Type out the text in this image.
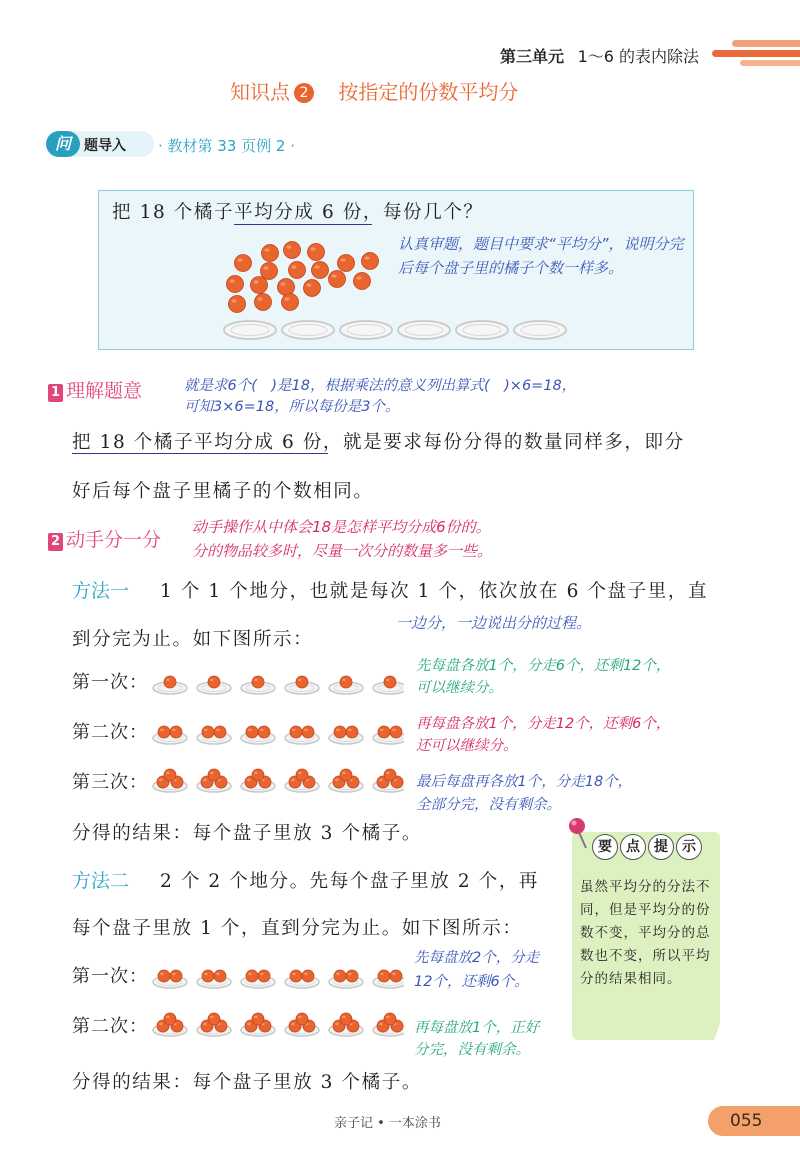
第三单元 1～6 的表内除法
知识点 2 按指定的份数平均分
问 题导入 · 教材第 33 页例 2 ·
把 18 个橘子平均分成 6 份，每份几个？
认真审题，题目中要求“平均分”，说明分完后每个盘子里的橘子个数一样多。
1 理解题意	就是求6个(　)是18，根据乘法的意义列出算式(　)×6=18，
可知3×6=18，所以每份是3个。
把 18 个橘子平均分成 6 份，就是要求每份分得的数量同样多，即分
好后每个盘子里橘子的个数相同。
2 动手分一分
动手操作从中体会18是怎样平均分成6份的。
分的物品较多时，尽量一次分的数量多一些。
方法一 1 个 1 个地分，也就是每次 1 个，依次放在 6 个盘子里，直
到分完为止。如下图所示：
一边分，一边说出分的过程。
第一次：
先每盘各放1个，分走6个，还剩12个，
可以继续分。
第二次：	再每盘各放1个，分走12个，还剩6个，
还可以继续分。
第三次：	最后每盘再各放1个，分走18个，
全部分完，没有剩余。
分得的结果：每个盘子里放 3 个橘子。
要 点 提 示
虽然平均分的分法不同，但是平均分的份数不变，平均分的总数也不变，所以平均分的结果相同。
方法二 2 个 2 个地分。先每个盘子里放 2 个，再
每个盘子里放 1 个，直到分完为止。如下图所示：
第一次：
先每盘放2个，分走
12个，还剩6个。
第二次：	再每盘放1个，正好
分完，没有剩余。
分得的结果：每个盘子里放 3 个橘子。
亲子记 • 一本涂书	055
